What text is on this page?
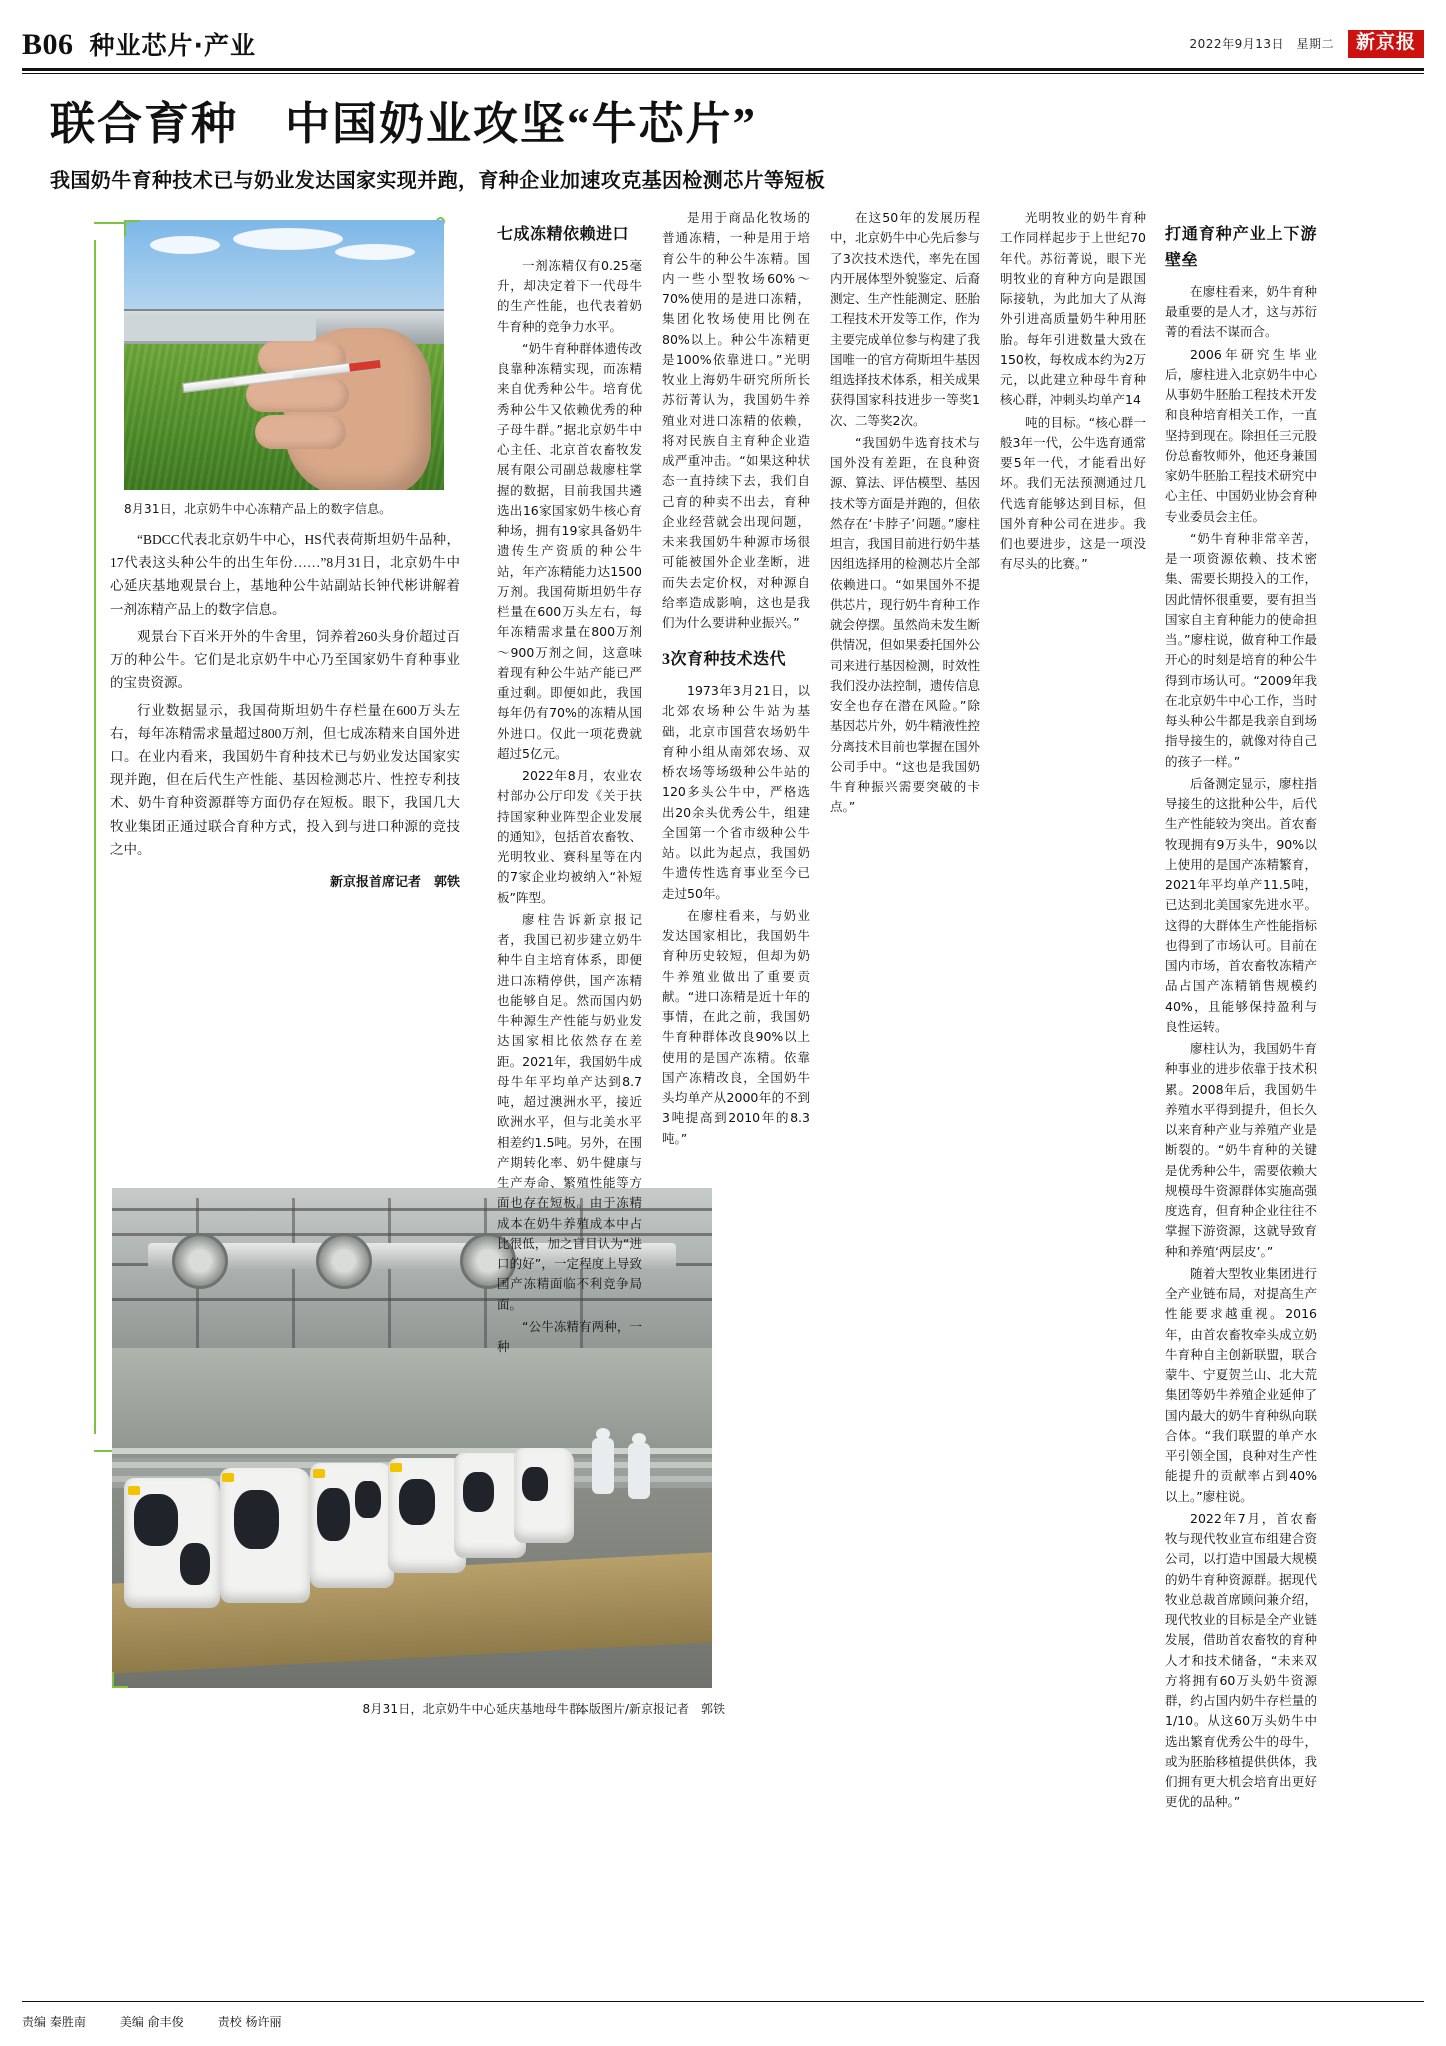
B06 种业芯片·产业	2022年9月13日　星期二	新京报
联合育种　中国奶业攻坚“牛芯片”
我国奶牛育种技术已与奶业发达国家实现并跑，育种企业加速攻克基因检测芯片等短板
8月31日，北京奶牛中心冻精产品上的数字信息。

“BDCC代表北京奶牛中心，HS代表荷斯坦奶牛品种，17代表这头种公牛的出生年份……”8月31日，北京奶牛中心延庆基地观景台上，基地种公牛站副站长钟代彬讲解着一剂冻精产品上的数字信息。

观景台下百米开外的牛舍里，饲养着260头身价超过百万的种公牛。它们是北京奶牛中心乃至国家奶牛育种事业的宝贵资源。

行业数据显示，我国荷斯坦奶牛存栏量在600万头左右，每年冻精需求量超过800万剂，但七成冻精来自国外进口。在业内看来，我国奶牛育种技术已与奶业发达国家实现并跑，但在后代生产性能、基因检测芯片、性控专利技术、奶牛育种资源群等方面仍存在短板。眼下，我国几大牧业集团正通过联合育种方式，投入到与进口种源的竞技之中。

新京报首席记者　郭铁
8月31日，北京奶牛中心延庆基地母牛群。
本版图片/新京报记者　郭铁
七成冻精依赖进口

一剂冻精仅有0.25毫升，却决定着下一代母牛的生产性能，也代表着奶牛育种的竞争力水平。

“奶牛育种群体遗传改良靠种冻精实现，而冻精来自优秀种公牛。培育优秀种公牛又依赖优秀的种子母牛群。”据北京奶牛中心主任、北京首农畜牧发展有限公司副总裁廖柱掌握的数据，目前我国共遴选出16家国家奶牛核心育种场，拥有19家具备奶牛遗传生产资质的种公牛站，年产冻精能力达1500万剂。我国荷斯坦奶牛存栏量在600万头左右，每年冻精需求量在800万剂～900万剂之间，这意味着现有种公牛站产能已严重过剩。即便如此，我国每年仍有70%的冻精从国外进口。仅此一项花费就超过5亿元。

2022年8月，农业农村部办公厅印发《关于扶持国家种业阵型企业发展的通知》，包括首农畜牧、光明牧业、赛科星等在内的7家企业均被纳入“补短板”阵型。

廖柱告诉新京报记者，我国已初步建立奶牛种牛自主培育体系，即便进口冻精停供，国产冻精也能够自足。然而国内奶牛种源生产性能与奶业发达国家相比依然存在差距。2021年，我国奶牛成母牛年平均单产达到8.7吨，超过澳洲水平，接近欧洲水平，但与北美水平相差约1.5吨。另外，在围产期转化率、奶牛健康与生产寿命、繁殖性能等方面也存在短板。由于冻精成本在奶牛养殖成本中占比很低，加之盲目认为“进口的好”，一定程度上导致国产冻精面临不利竞争局面。

“公牛冻精有两种，一种

是用于商品化牧场的普通冻精，一种是用于培育公牛的种公牛冻精。国内一些小型牧场60%～70%使用的是进口冻精，集团化牧场使用比例在80%以上。种公牛冻精更是100%依靠进口。”光明牧业上海奶牛研究所所长苏衍菁认为，我国奶牛养殖业对进口冻精的依赖，将对民族自主育种企业造成严重冲击。“如果这种状态一直持续下去，我们自己育的种卖不出去，育种企业经营就会出现问题，未来我国奶牛种源市场很可能被国外企业垄断，进而失去定价权，对种源自给率造成影响，这也是我们为什么要讲种业振兴。”

3次育种技术迭代

1973年3月21日，以北郊农场种公牛站为基础，北京市国营农场奶牛育种小组从南郊农场、双桥农场等场级种公牛站的120多头公牛中，严格选出20余头优秀公牛，组建全国第一个省市级种公牛站。以此为起点，我国奶牛遗传性选育事业至今已走过50年。

在廖柱看来，与奶业发达国家相比，我国奶牛育种历史较短，但却为奶牛养殖业做出了重要贡献。“进口冻精是近十年的事情，在此之前，我国奶牛育种群体改良90%以上使用的是国产冻精。依靠国产冻精改良，全国奶牛头均单产从2000年的不到3吨提高到2010年的8.3吨。”

在这50年的发展历程中，北京奶牛中心先后参与了3次技术迭代，率先在国内开展体型外貌鉴定、后裔测定、生产性能测定、胚胎工程技术开发等工作，作为主要完成单位参与构建了我国唯一的官方荷斯坦牛基因组选择技术体系，相关成果获得国家科技进步一等奖1次、二等奖2次。

“我国奶牛选育技术与国外没有差距，在良种资源、算法、评估模型、基因技术等方面是并跑的，但依然存在‘卡脖子’问题。”廖柱坦言，我国目前进行奶牛基因组选择用的检测芯片全部依赖进口。“如果国外不提供芯片，现行奶牛育种工作就会停摆。虽然尚未发生断供情况，但如果委托国外公司来进行基因检测，时效性我们没办法控制，遗传信息安全也存在潜在风险。”除基因芯片外，奶牛精液性控分离技术目前也掌握在国外公司手中。“这也是我国奶牛育种振兴需要突破的卡点。”

光明牧业的奶牛育种工作同样起步于上世纪70年代。苏衍菁说，眼下光明牧业的育种方向是跟国际接轨，为此加大了从海外引进高质量奶牛种用胚胎。每年引进数量大致在150枚，每枚成本约为2万元，以此建立种母牛育种核心群，冲刺头均单产14

吨的目标。“核心群一般3年一代，公牛选育通常要5年一代，才能看出好坏。我们无法预测通过几代选育能够达到目标，但国外育种公司在进步。我们也要进步，这是一项没有尽头的比赛。”

打通育种产业上下游壁垒

在廖柱看来，奶牛育种最重要的是人才，这与苏衍菁的看法不谋而合。

2006年研究生毕业后，廖柱进入北京奶牛中心从事奶牛胚胎工程技术开发和良种培育相关工作，一直坚持到现在。除担任三元股份总畜牧师外，他还身兼国家奶牛胚胎工程技术研究中心主任、中国奶业协会育种专业委员会主任。

“奶牛育种非常辛苦，是一项资源依赖、技术密集、需要长期投入的工作，因此情怀很重要，要有担当国家自主育种能力的使命担当。”廖柱说，做育种工作最开心的时刻是培育的种公牛得到市场认可。“2009年我在北京奶牛中心工作，当时每头种公牛都是我亲自到场指导接生的，就像对待自己的孩子一样。”

后备测定显示，廖柱指导接生的这批种公牛，后代生产性能较为突出。首农畜牧现拥有9万头牛，90%以上使用的是国产冻精繁育，2021年平均单产11.5吨，已达到北美国家先进水平。这得的大群体生产性能指标也得到了市场认可。目前在国内市场，首农畜牧冻精产品占国产冻精销售规模约40%，且能够保持盈利与良性运转。

廖柱认为，我国奶牛育种事业的进步依靠于技术积累。2008年后，我国奶牛养殖水平得到提升，但长久以来育种产业与养殖产业是断裂的。“奶牛育种的关键是优秀种公牛，需要依赖大规模母牛资源群体实施高强度选育，但育种企业往往不掌握下游资源，这就导致育种和养殖‘两层皮’。”

随着大型牧业集团进行全产业链布局，对提高生产性能要求越重视。2016年，由首农畜牧牵头成立奶牛育种自主创新联盟，联合蒙牛、宁夏贺兰山、北大荒集团等奶牛养殖企业延伸了国内最大的奶牛育种纵向联合体。“我们联盟的单产水平引领全国，良种对生产性能提升的贡献率占到40%以上。”廖柱说。

2022年7月，首农畜牧与现代牧业宣布组建合资公司，以打造中国最大规模的奶牛育种资源群。据现代牧业总裁首席顾问兼介绍，现代牧业的目标是全产业链发展，借助首农畜牧的育种人才和技术储备，“未来双方将拥有60万头奶牛资源群，约占国内奶牛存栏量的1/10。从这60万头奶牛中选出繁育优秀公牛的母牛，或为胚胎移植提供供体，我们拥有更大机会培育出更好更优的品种。”

责编 秦胜南	美编 俞丰俊	责校 杨许丽
